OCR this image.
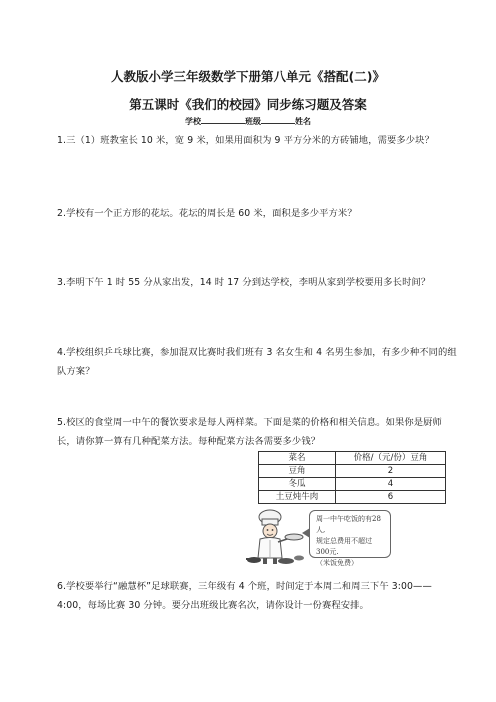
人教版小学三年级数学下册第八单元《搭配(二)》
第五课时《我们的校园》同步练习题及答案
学校	班级	姓名
1.三（1）班教室长 10 米，宽 9 米，如果用面积为 9 平方分米的方砖铺地，需要多少块？
2.学校有一个正方形的花坛。花坛的周长是 60 米，面积是多少平方米？
3.李明下午 1 时 55 分从家出发，14 时 17 分到达学校，李明从家到学校要用多长时间？
4.学校组织乒乓球比赛，参加混双比赛时我们班有 3 名女生和 4 名男生参加，有多少种不同的组队方案？
5.校区的食堂周一中午的餐饮要求是每人两样菜。下面是菜的价格和相关信息。如果你是厨师长，请你算一算有几种配菜方法。每种配菜方法各需要多少钱？
菜名	价格/（元/份）豆角
豆角	2
冬瓜	4
土豆炖牛肉	6
周一中午吃饭的有28人,
规定总费用不超过300元.
（米饭免费）
6.学校要举行“融慧杯”足球联赛，三年级有 4 个班，时间定于本周二和周三下午 3:00——4:00，每场比赛 30 分钟。要分出班级比赛名次，请你设计一份赛程安排。
